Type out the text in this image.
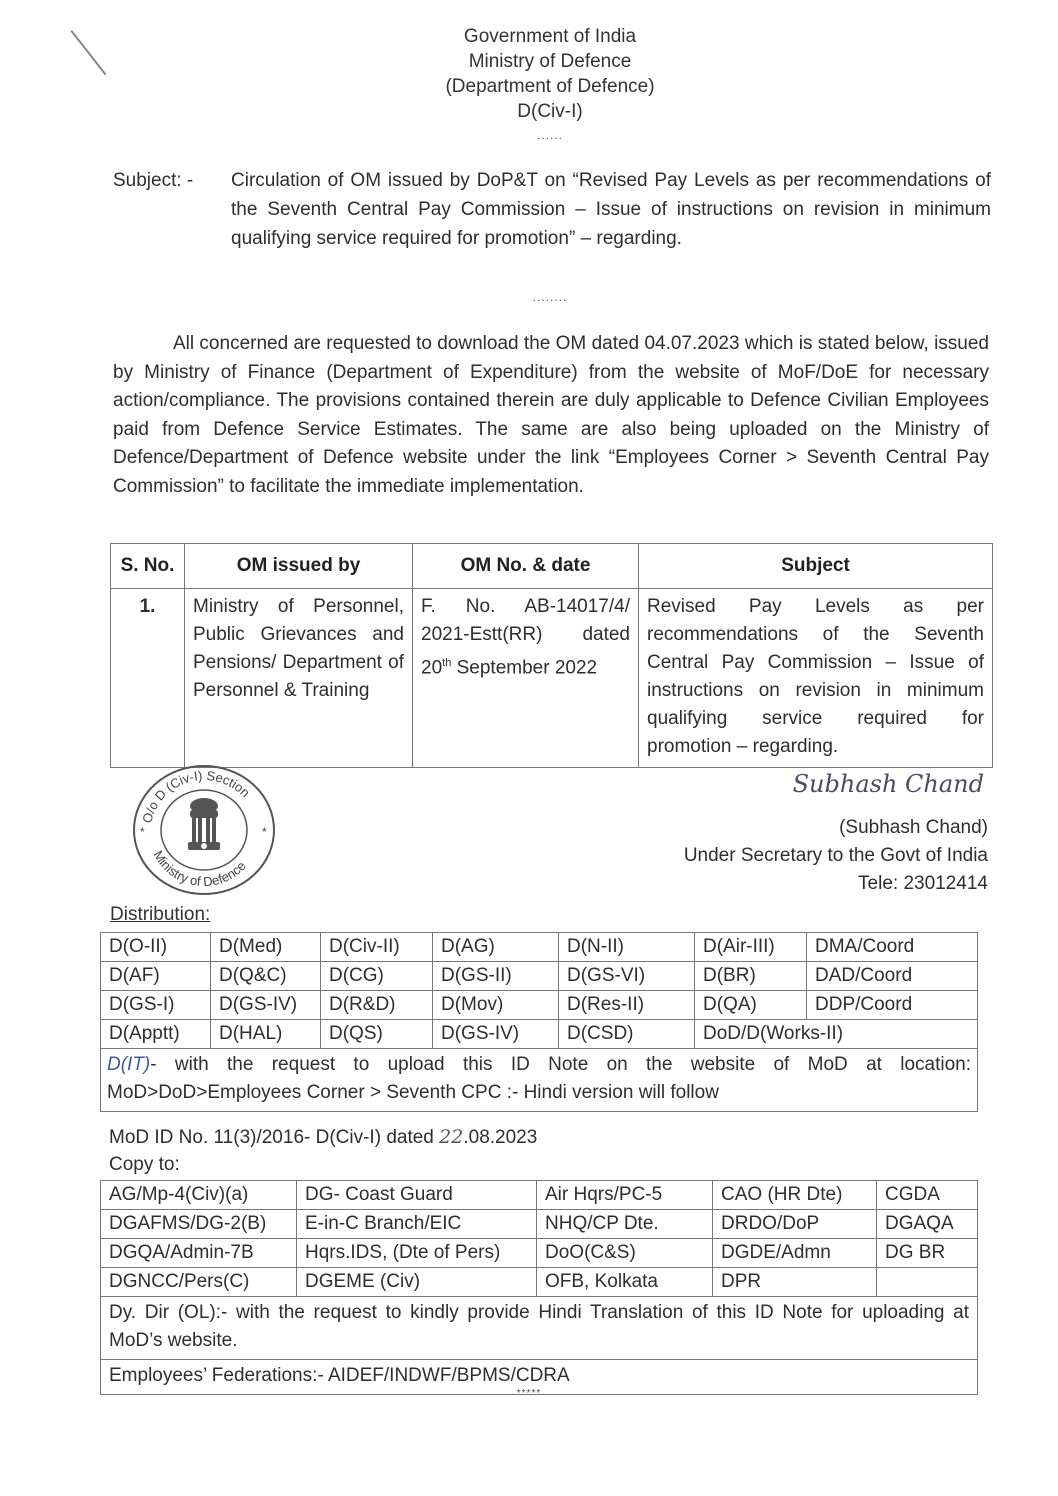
Government of India
Ministry of Defence
(Department of Defence)
D(Civ-I)
......
Subject: - Circulation of OM issued by DoP&T on “Revised Pay Levels as per recommendations of the Seventh Central Pay Commission – Issue of instructions on revision in minimum qualifying service required for promotion” – regarding.
........
All concerned are requested to download the OM dated 04.07.2023 which is stated below, issued by Ministry of Finance (Department of Expenditure) from the website of MoF/DoE for necessary action/compliance. The provisions contained therein are duly applicable to Defence Civilian Employees paid from Defence Service Estimates. The same are also being uploaded on the Ministry of Defence/Department of Defence website under the link “Employees Corner > Seventh Central Pay Commission” to facilitate the immediate implementation.
S. No.	OM issued by	OM No. & date	Subject
1.	Ministry of Personnel, Public Grievances and Pensions/ Department of Personnel & Training	F. No. AB-14017/4/ 2021-Estt(RR) dated 20th September 2022	Revised Pay Levels as per recommendations of the Seventh Central Pay Commission – Issue of instructions on revision in minimum qualifying service required for promotion – regarding.
O/o D (Civ-I) Section
Ministry of Defence
*	*
Subhash Chand
(Subhash Chand)
Under Secretary to the Govt of India
Tele: 23012414
Distribution:
D(O-II)	D(Med)	D(Civ-II)	D(AG)	D(N-II)	D(Air-III)	DMA/Coord
D(AF)	D(Q&C)	D(CG)	D(GS-II)	D(GS-VI)	D(BR)	DAD/Coord
D(GS-I)	D(GS-IV)	D(R&D)	D(Mov)	D(Res-II)	D(QA)	DDP/Coord
D(Apptt)	D(HAL)	D(QS)	D(GS-IV)	D(CSD)	DoD/D(Works-II)	
D(IT)- with the request to upload this ID Note on the website of MoD at location: MoD>DoD>Employees Corner > Seventh CPC :- Hindi version will follow						
MoD ID No. 11(3)/2016- D(Civ-I) dated 22.08.2023
Copy to:
AG/Mp-4(Civ)(a)	DG- Coast Guard	Air Hqrs/PC-5	CAO (HR Dte)	CGDA
DGAFMS/DG-2(B)	E-in-C Branch/EIC	NHQ/CP Dte.	DRDO/DoP	DGAQA
DGQA/Admin-7B	Hqrs.IDS, (Dte of Pers)	DoO(C&S)	DGDE/Admn	DG BR
DGNCC/Pers(C)	DGEME (Civ)	OFB, Kolkata	DPR	
Dy. Dir (OL):- with the request to kindly provide Hindi Translation of this ID Note for uploading at MoD’s website.				
Employees’ Federations:- AIDEF/INDWF/BPMS/CDRA				
*****
